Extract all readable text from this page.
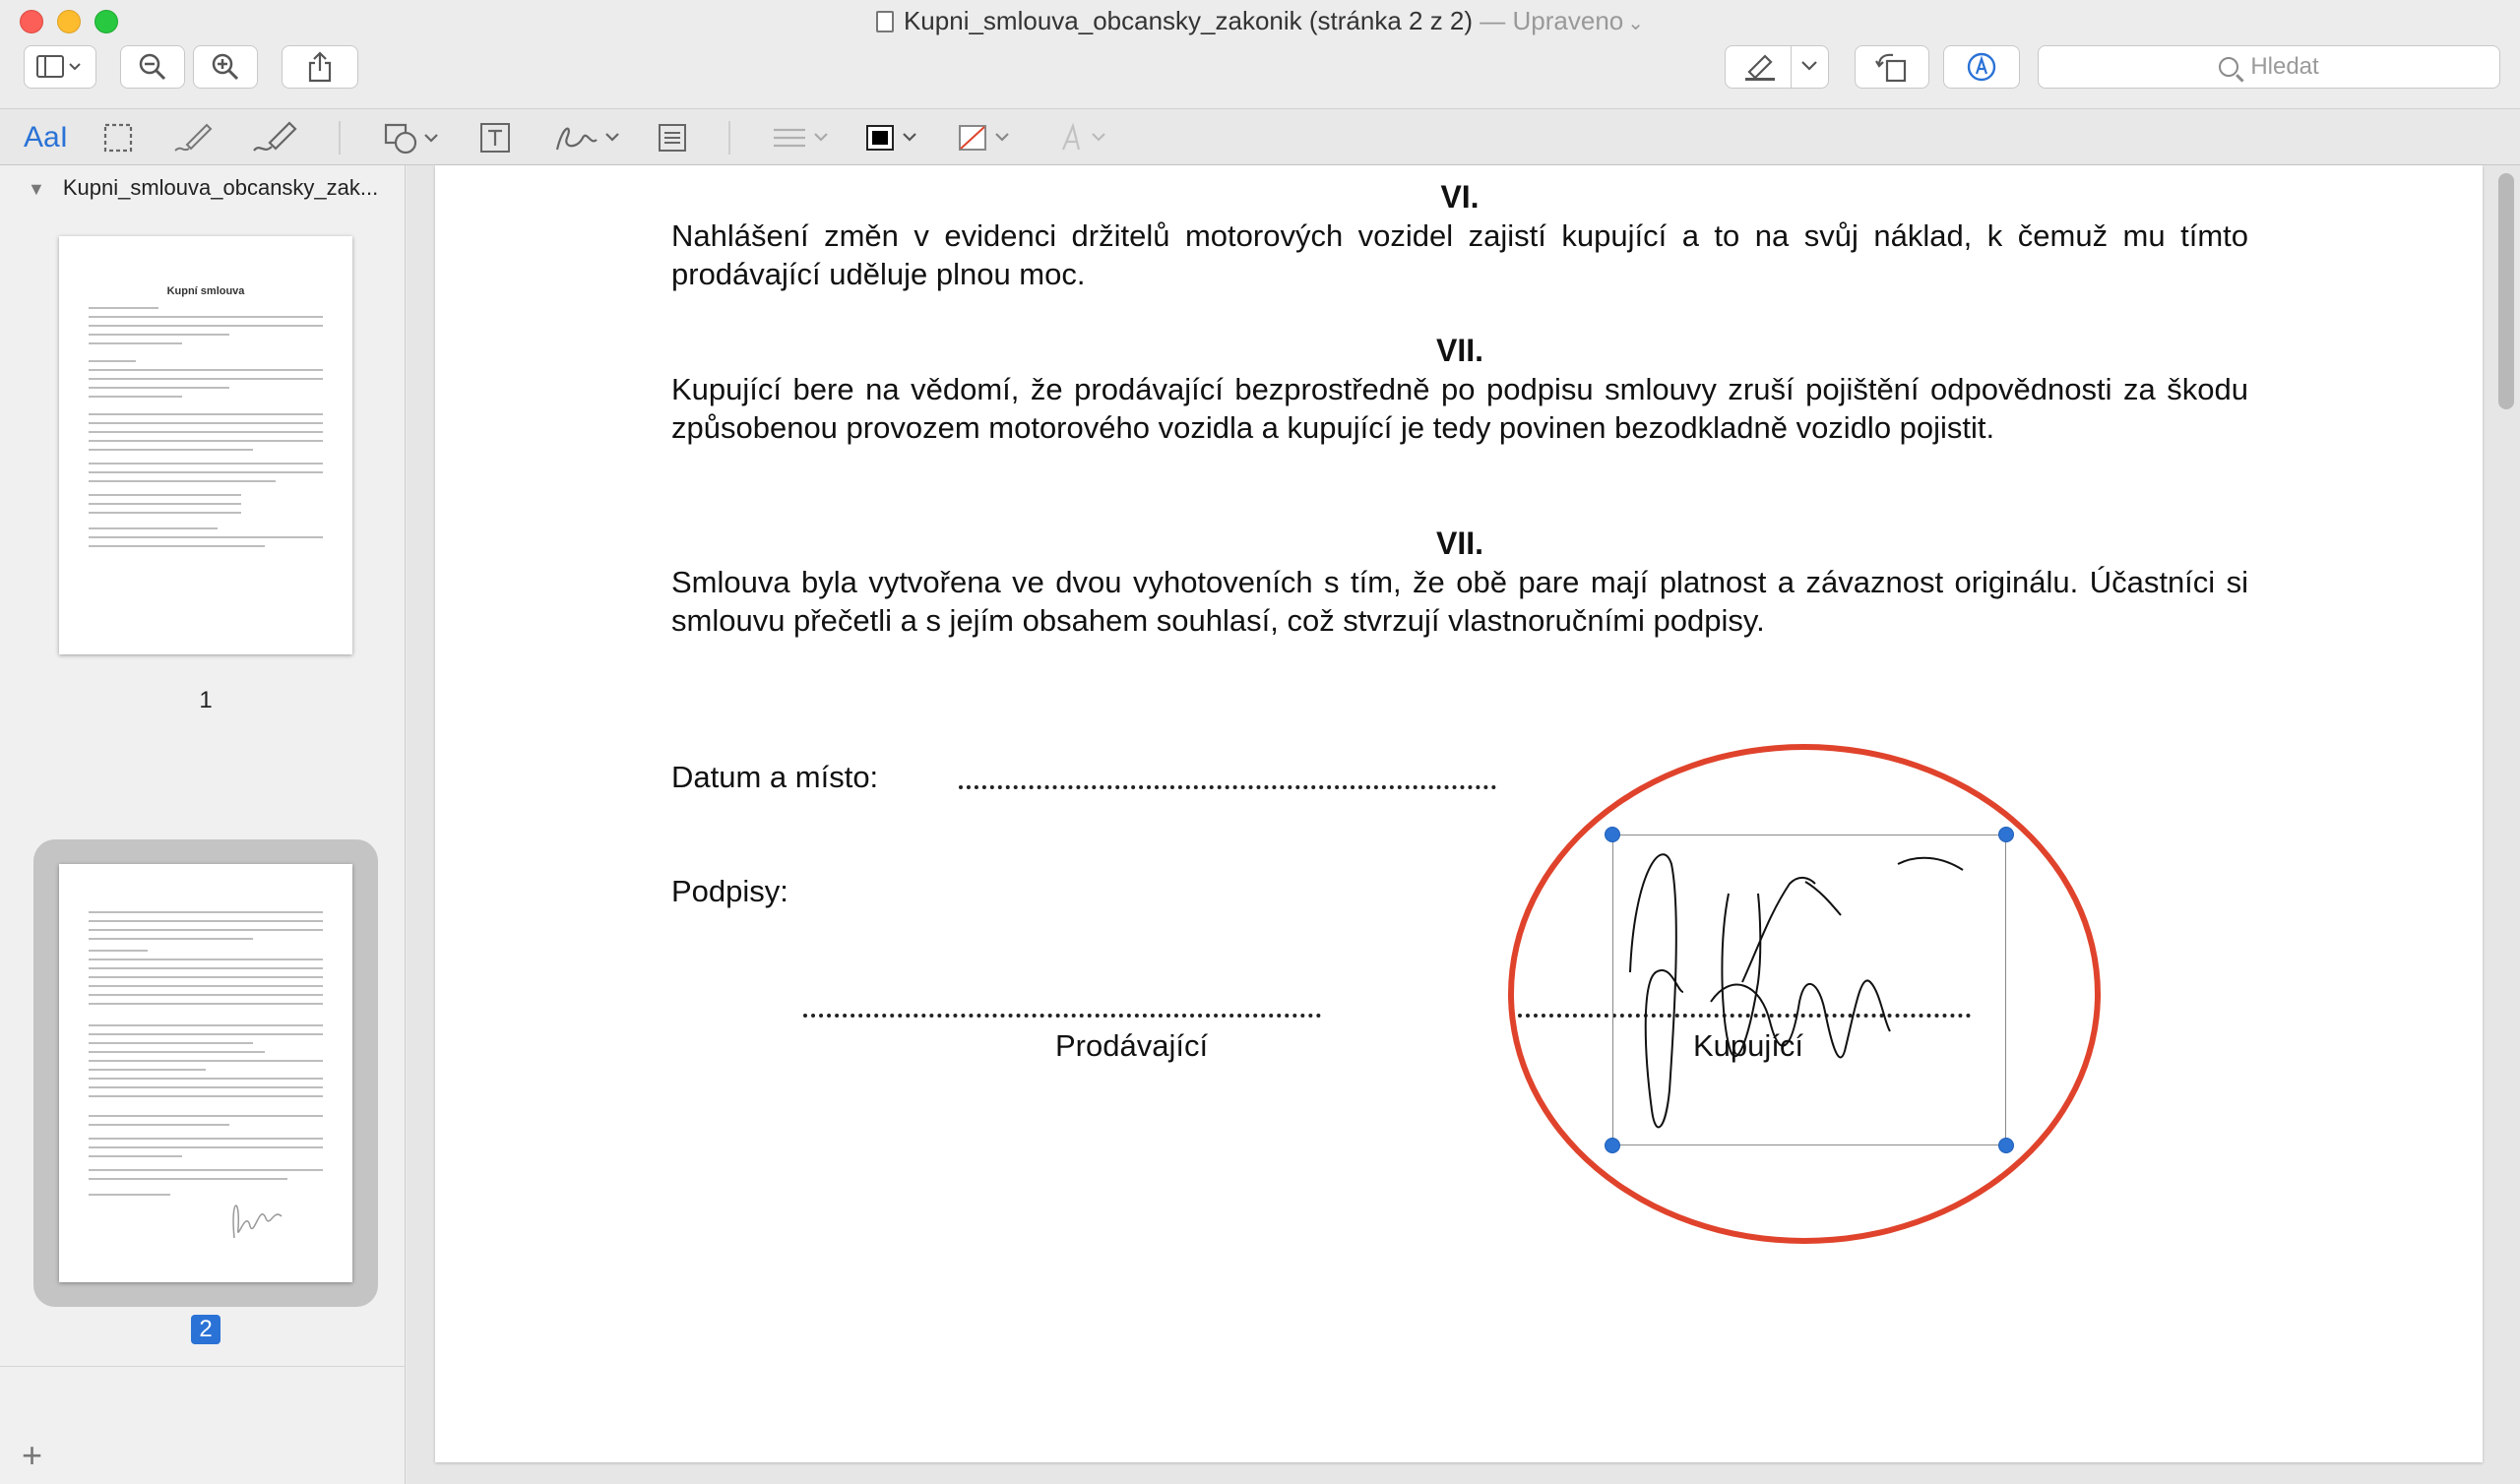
Kupni_smlouva_obcansky_zakonik (stránka 2 z 2) — Upraveno ⌄
Hledat
AaI
▼ Kupni_smlouva_obcansky_zak...
Kupní smlouva
1
2
+
VI.
Nahlášení změn v evidenci držitelů motorových vozidel zajistí kupující a to na svůj náklad, k čemuž mu tímto prodávající uděluje plnou moc.
VII.
Kupující bere na vědomí, že prodávající bezprostředně po podpisu smlouvy zruší pojištění odpovědnosti za škodu způsobenou provozem motorového vozidla a kupující je tedy povinen bezodkladně vozidlo pojistit.
VII.
Smlouva byla vytvořena ve dvou vyhotoveních s tím, že obě pare mají platnost a závaznost originálu. Účastníci si smlouvu přečetli a s jejím obsahem souhlasí, což stvrzují vlastnoručními podpisy.
Datum a místo:
Podpisy:
Prodávající	Kupující
